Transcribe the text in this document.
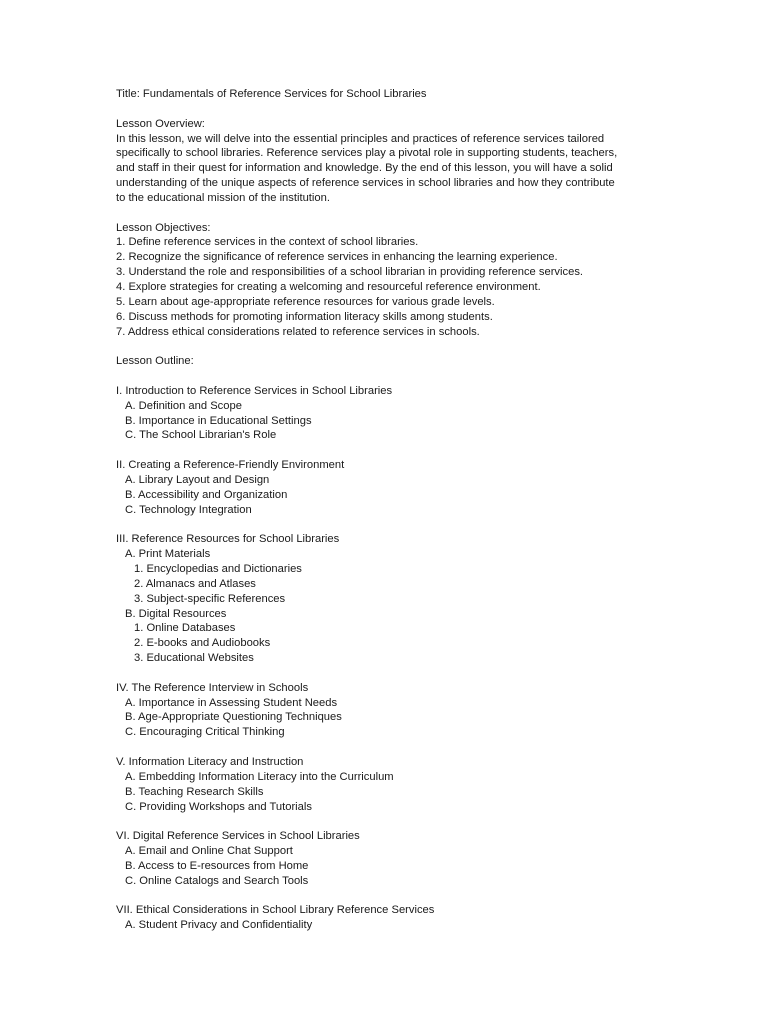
Title: Fundamentals of Reference Services for School Libraries
Lesson Overview:
In this lesson, we will delve into the essential principles and practices of reference services tailored
specifically to school libraries. Reference services play a pivotal role in supporting students, teachers,
and staff in their quest for information and knowledge. By the end of this lesson, you will have a solid
understanding of the unique aspects of reference services in school libraries and how they contribute
to the educational mission of the institution.
Lesson Objectives:
1. Define reference services in the context of school libraries.
2. Recognize the significance of reference services in enhancing the learning experience.
3. Understand the role and responsibilities of a school librarian in providing reference services.
4. Explore strategies for creating a welcoming and resourceful reference environment.
5. Learn about age-appropriate reference resources for various grade levels.
6. Discuss methods for promoting information literacy skills among students.
7. Address ethical considerations related to reference services in schools.
Lesson Outline:
I. Introduction to Reference Services in School Libraries
A. Definition and Scope
B. Importance in Educational Settings
C. The School Librarian's Role
II. Creating a Reference-Friendly Environment
A. Library Layout and Design
B. Accessibility and Organization
C. Technology Integration
III. Reference Resources for School Libraries
A. Print Materials
1. Encyclopedias and Dictionaries
2. Almanacs and Atlases
3. Subject-specific References
B. Digital Resources
1. Online Databases
2. E-books and Audiobooks
3. Educational Websites
IV. The Reference Interview in Schools
A. Importance in Assessing Student Needs
B. Age-Appropriate Questioning Techniques
C. Encouraging Critical Thinking
V. Information Literacy and Instruction
A. Embedding Information Literacy into the Curriculum
B. Teaching Research Skills
C. Providing Workshops and Tutorials
VI. Digital Reference Services in School Libraries
A. Email and Online Chat Support
B. Access to E-resources from Home
C. Online Catalogs and Search Tools
VII. Ethical Considerations in School Library Reference Services
A. Student Privacy and Confidentiality
